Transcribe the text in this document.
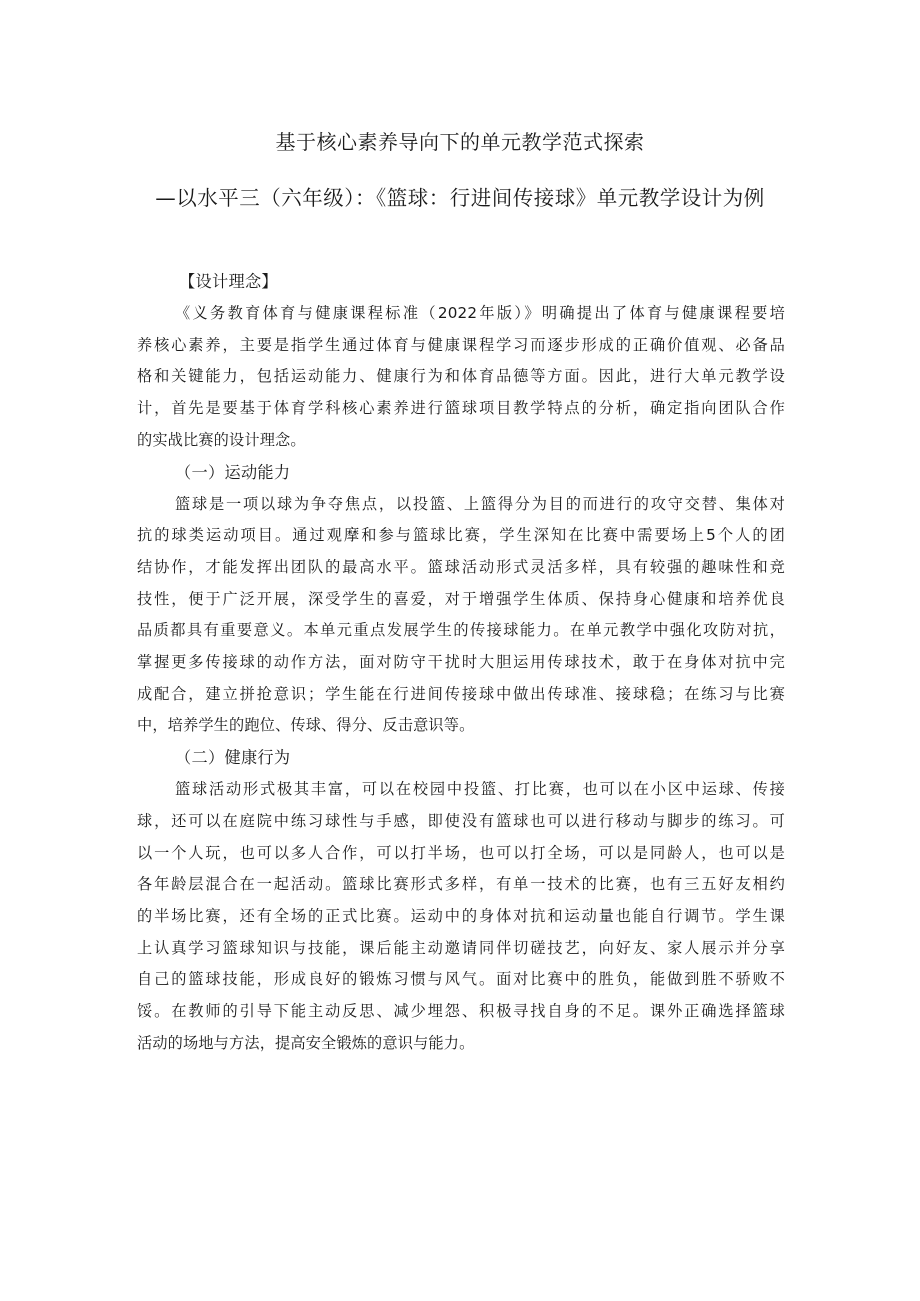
基于核心素养导向下的单元教学范式探索
—以水平三（六年级）：《篮球：行进间传接球》单元教学设计为例
【设计理念】
《义务教育体育与健康课程标准（2022年版）》明确提出了体育与健康课程要培
养核心素养，主要是指学生通过体育与健康课程学习而逐步形成的正确价值观、必备品
格和关键能力，包括运动能力、健康行为和体育品德等方面。因此，进行大单元教学设
计，首先是要基于体育学科核心素养进行篮球项目教学特点的分析，确定指向团队合作
的实战比赛的设计理念。
（一）运动能力
篮球是一项以球为争夺焦点，以投篮、上篮得分为目的而进行的攻守交替、集体对
抗的球类运动项目。通过观摩和参与篮球比赛，学生深知在比赛中需要场上5个人的团
结协作，才能发挥出团队的最高水平。篮球活动形式灵活多样，具有较强的趣味性和竞
技性，便于广泛开展，深受学生的喜爱，对于增强学生体质、保持身心健康和培养优良
品质都具有重要意义。本单元重点发展学生的传接球能力。在单元教学中强化攻防对抗，
掌握更多传接球的动作方法，面对防守干扰时大胆运用传球技术，敢于在身体对抗中完
成配合，建立拼抢意识；学生能在行进间传接球中做出传球准、接球稳；在练习与比赛
中，培养学生的跑位、传球、得分、反击意识等。
（二）健康行为
篮球活动形式极其丰富，可以在校园中投篮、打比赛，也可以在小区中运球、传接
球，还可以在庭院中练习球性与手感，即使没有篮球也可以进行移动与脚步的练习。可
以一个人玩，也可以多人合作，可以打半场，也可以打全场，可以是同龄人，也可以是
各年龄层混合在一起活动。篮球比赛形式多样，有单一技术的比赛，也有三五好友相约
的半场比赛，还有全场的正式比赛。运动中的身体对抗和运动量也能自行调节。学生课
上认真学习篮球知识与技能，课后能主动邀请同伴切磋技艺，向好友、家人展示并分享
自己的篮球技能，形成良好的锻炼习惯与风气。面对比赛中的胜负，能做到胜不骄败不
馁。在教师的引导下能主动反思、减少埋怨、积极寻找自身的不足。课外正确选择篮球
活动的场地与方法，提高安全锻炼的意识与能力。
